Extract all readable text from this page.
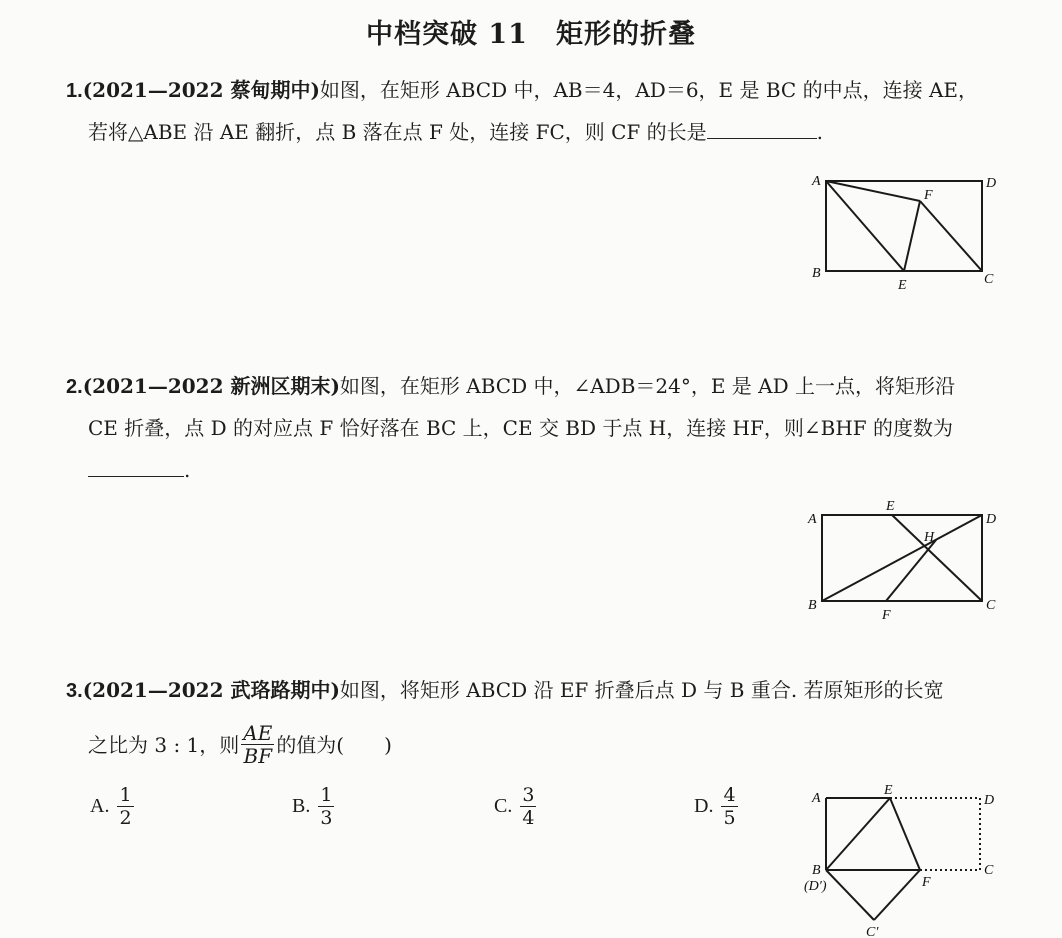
中档突破 11　矩形的折叠
1.(2021—2022 蔡甸期中)如图，在矩形 ABCD 中，AB＝4，AD＝6，E 是 BC 的中点，连接 AE，
若将△ABE 沿 AE 翻折，点 B 落在点 F 处，连接 FC，则 CF 的长是	.
A	D
B	C
E
F
2.(2021—2022 新洲区期末)如图，在矩形 ABCD 中，∠ADB＝24°，E 是 AD 上一点，将矩形沿
CE 折叠，点 D 的对应点 F 恰好落在 BC 上，CE 交 BD 于点 H，连接 HF，则∠BHF 的度数为
.
A	D
B	C
E
F
H
3.(2021—2022 武珞路期中)如图，将矩形 ABCD 沿 EF 折叠后点 D 与 B 重合. 若原矩形的长宽
之比为 3 : 1，则 $\frac{AE}{BF}$ 的值为( )
A. $\frac{1}{2}$	B. $\frac{1}{3}$	C. $\frac{3}{4}$	D. $\frac{4}{5}$	A
E
D
C
B
(D′)	F
C′
